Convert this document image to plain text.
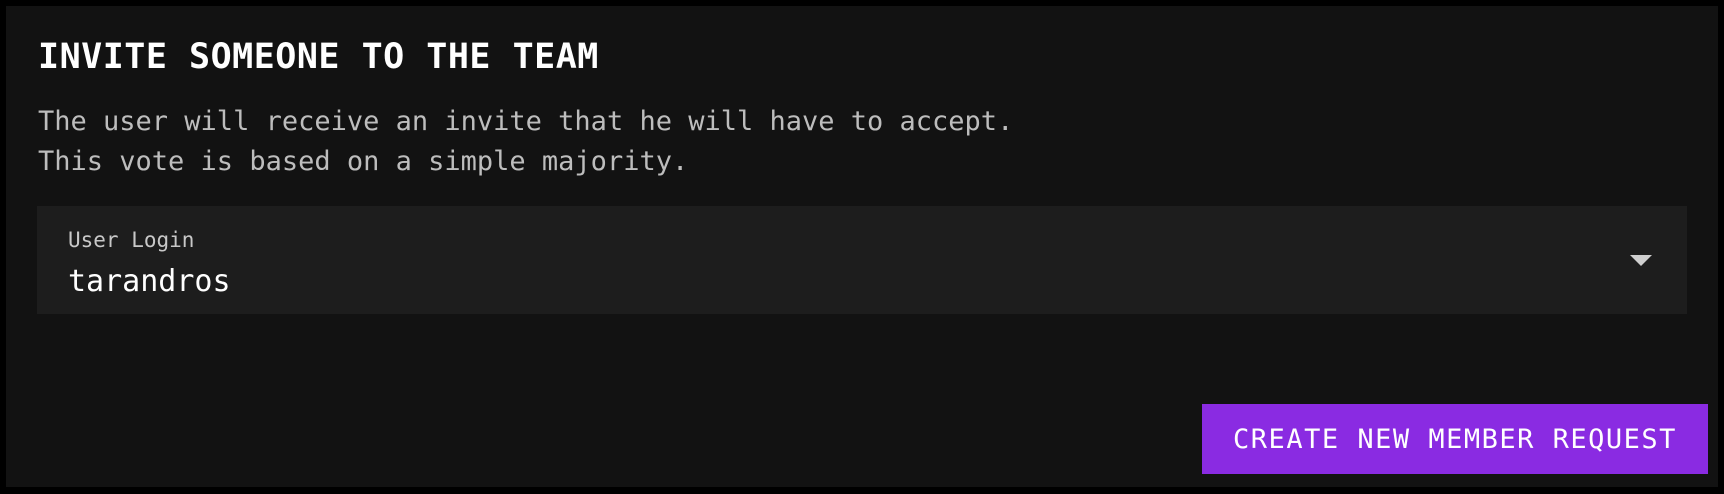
INVITE SOMEONE TO THE TEAM
The user will receive an invite that he will have to accept.
This vote is based on a simple majority.
User Login
tarandros
CREATE NEW MEMBER REQUEST
